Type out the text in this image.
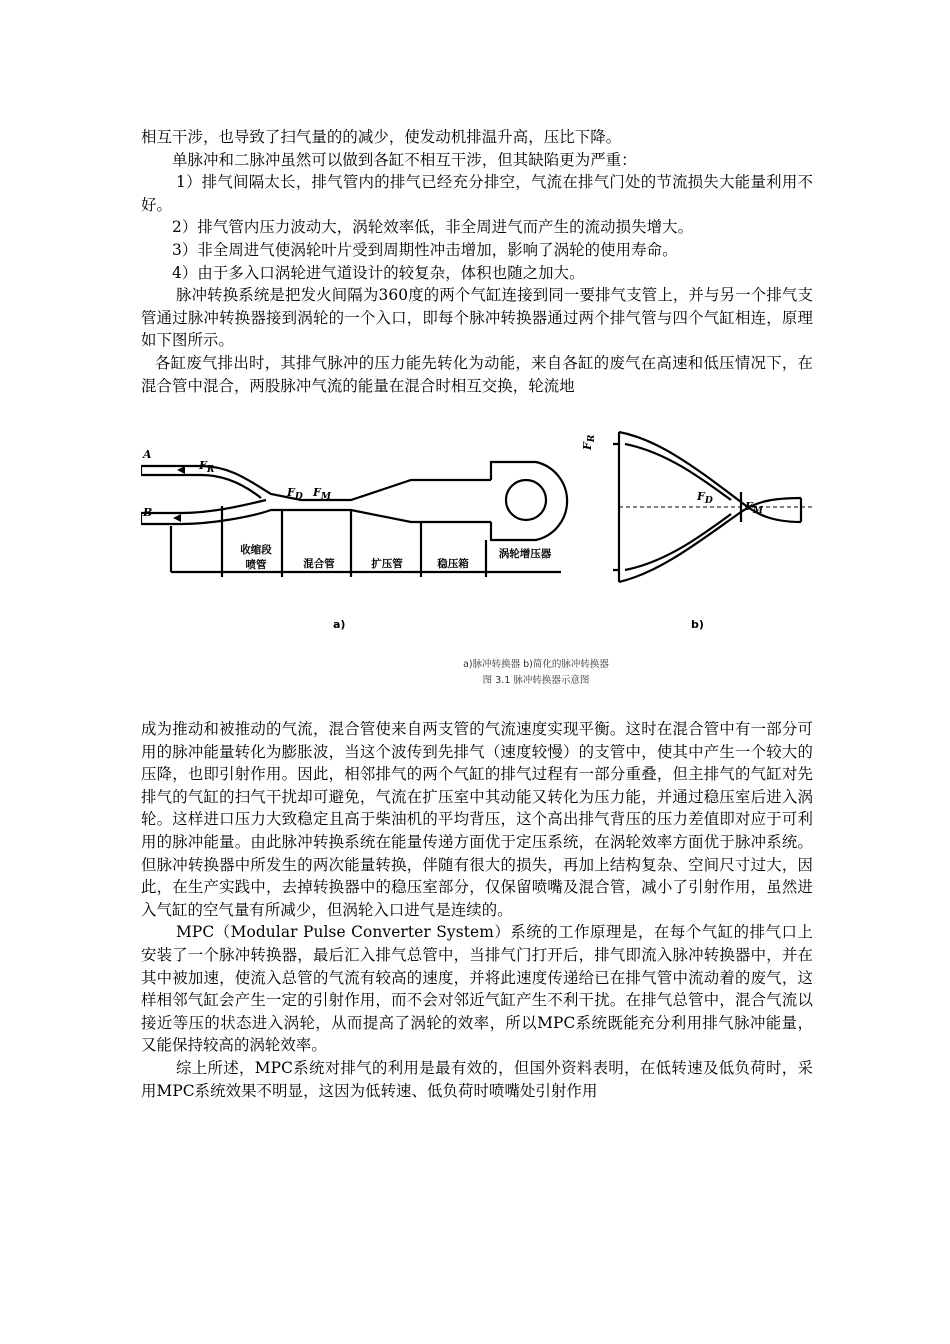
相互干涉，也导致了扫气量的的减少，使发动机排温升高，压比下降。

单脉冲和二脉冲虽然可以做到各缸不相互干涉，但其缺陷更为严重：

1）排气间隔太长，排气管内的排气已经充分排空，气流在排气门处的节流损失大能量利用不好。

2）排气管内压力波动大，涡轮效率低，非全周进气而产生的流动损失增大。

3）非全周进气使涡轮叶片受到周期性冲击增加，影响了涡轮的使用寿命。

4）由于多入口涡轮进气道设计的较复杂，体积也随之加大。

脉冲转换系统是把发火间隔为360度的两个气缸连接到同一要排气支管上，并与另一个排气支管通过脉冲转换器接到涡轮的一个入口，即每个脉冲转换器通过两个排气管与四个气缸相连，原理如下图所示。

各缸废气排出时，其排气脉冲的压力能先转化为动能，来自各缸的废气在高速和低压情况下，在混合管中混合，两股脉冲气流的能量在混合时相互交换，轮流地

A
B
$F_R$
$F_D$ $F_M$
收缩段
喷管	混合管	扩压管	稳压箱
涡轮增压器
a)
$F_R$
$F_D$	$F_M$
b)
a)脉冲转换器 b)简化的脉冲转换器
图 3.1 脉冲转换器示意图

成为推动和被推动的气流，混合管使来自两支管的气流速度实现平衡。这时在混合管中有一部分可用的脉冲能量转化为膨胀波，当这个波传到先排气（速度较慢）的支管中，使其中产生一个较大的压降，也即引射作用。因此，相邻排气的两个气缸的排气过程有一部分重叠，但主排气的气缸对先排气的气缸的扫气干扰却可避免，气流在扩压室中其动能又转化为压力能，并通过稳压室后进入涡轮。这样进口压力大致稳定且高于柴油机的平均背压，这个高出排气背压的压力差值即对应于可利用的脉冲能量。由此脉冲转换系统在能量传递方面优于定压系统，在涡轮效率方面优于脉冲系统。但脉冲转换器中所发生的两次能量转换，伴随有很大的损失，再加上结构复杂、空间尺寸过大，因此，在生产实践中，去掉转换器中的稳压室部分，仅保留喷嘴及混合管，减小了引射作用，虽然进入气缸的空气量有所减少，但涡轮入口进气是连续的。

MPC（Modular Pulse Converter System）系统的工作原理是，在每个气缸的排气口上安装了一个脉冲转换器，最后汇入排气总管中，当排气门打开后，排气即流入脉冲转换器中，并在其中被加速，使流入总管的气流有较高的速度，并将此速度传递给已在排气管中流动着的废气，这样相邻气缸会产生一定的引射作用，而不会对邻近气缸产生不利干扰。在排气总管中，混合气流以接近等压的状态进入涡轮，从而提高了涡轮的效率，所以MPC系统既能充分利用排气脉冲能量，又能保持较高的涡轮效率。

综上所述，MPC系统对排气的利用是最有效的，但国外资料表明，在低转速及低负荷时，采用MPC系统效果不明显，这因为低转速、低负荷时喷嘴处引射作用
